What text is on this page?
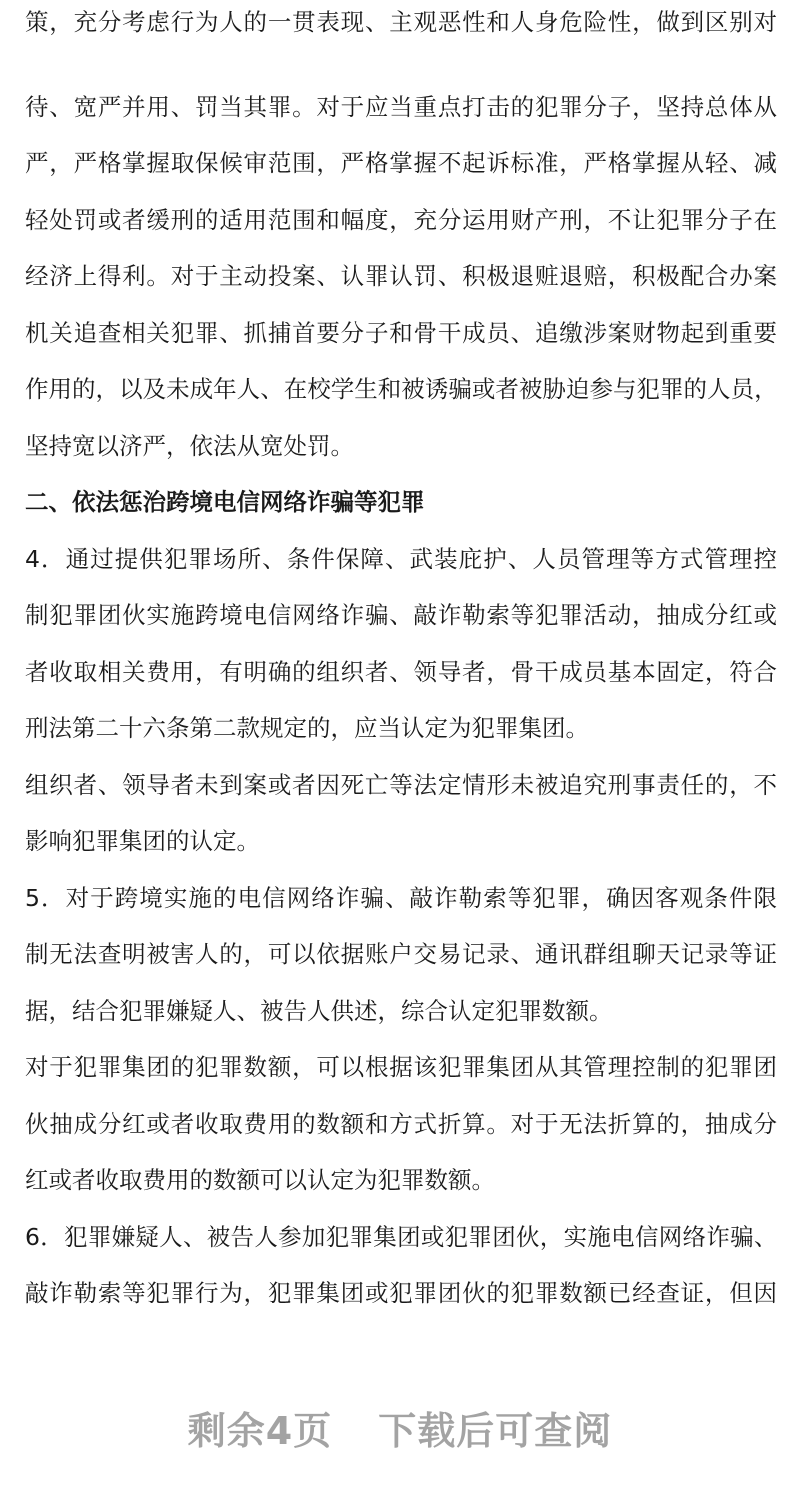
策，充分考虑行为人的一贯表现、主观恶性和人身危险性，做到区别对
待、宽严并用、罚当其罪。对于应当重点打击的犯罪分子，坚持总体从
严，严格掌握取保候审范围，严格掌握不起诉标准，严格掌握从轻、减
轻处罚或者缓刑的适用范围和幅度，充分运用财产刑，不让犯罪分子在
经济上得利。对于主动投案、认罪认罚、积极退赃退赔，积极配合办案
机关追查相关犯罪、抓捕首要分子和骨干成员、追缴涉案财物起到重要
作用的，以及未成年人、在校学生和被诱骗或者被胁迫参与犯罪的人员，
坚持宽以济严，依法从宽处罚。
二、依法惩治跨境电信网络诈骗等犯罪
4．通过提供犯罪场所、条件保障、武装庇护、人员管理等方式管理控
制犯罪团伙实施跨境电信网络诈骗、敲诈勒索等犯罪活动，抽成分红或
者收取相关费用，有明确的组织者、领导者，骨干成员基本固定，符合
刑法第二十六条第二款规定的，应当认定为犯罪集团。
组织者、领导者未到案或者因死亡等法定情形未被追究刑事责任的，不
影响犯罪集团的认定。
5．对于跨境实施的电信网络诈骗、敲诈勒索等犯罪，确因客观条件限
制无法查明被害人的，可以依据账户交易记录、通讯群组聊天记录等证
据，结合犯罪嫌疑人、被告人供述，综合认定犯罪数额。
对于犯罪集团的犯罪数额，可以根据该犯罪集团从其管理控制的犯罪团
伙抽成分红或者收取费用的数额和方式折算。对于无法折算的，抽成分
红或者收取费用的数额可以认定为犯罪数额。
6．犯罪嫌疑人、被告人参加犯罪集团或犯罪团伙，实施电信网络诈骗、
敲诈勒索等犯罪行为，犯罪集团或犯罪团伙的犯罪数额已经查证，但因
剩余4页 下载后可查阅
